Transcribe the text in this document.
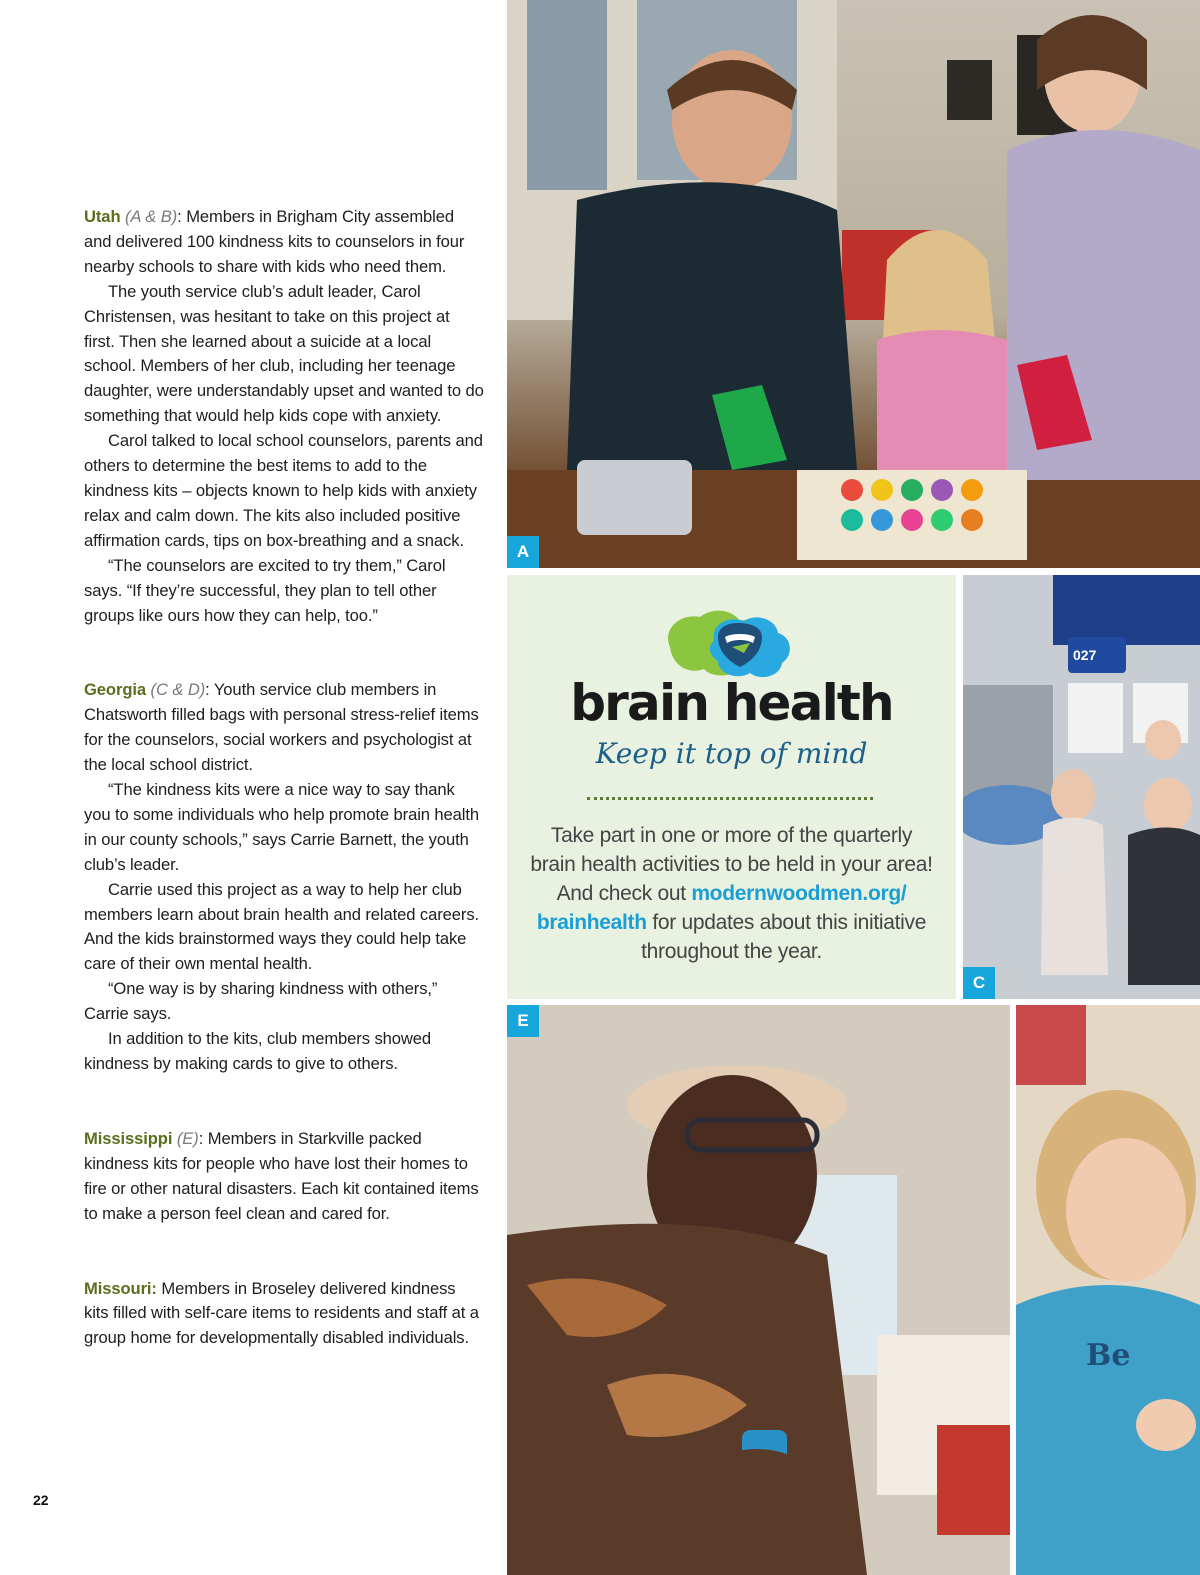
Utah (A & B): Members in Brigham City assembled and delivered 100 kindness kits to counselors in four nearby schools to share with kids who need them.

The youth service club’s adult leader, Carol Christensen, was hesitant to take on this project at first. Then she learned about a suicide at a local school. Members of her club, including her teenage daughter, were understandably upset and wanted to do something that would help kids cope with anxiety.

Carol talked to local school counselors, parents and others to determine the best items to add to the kindness kits – objects known to help kids with anxiety relax and calm down. The kits also included positive affirmation cards, tips on box-breathing and a snack.

“The counselors are excited to try them,” Carol says. “If they’re successful, they plan to tell other groups like ours how they can help, too.”

Georgia (C & D): Youth service club members in Chatsworth filled bags with personal stress-relief items for the counselors, social workers and psychologist at the local school district.

“The kindness kits were a nice way to say thank you to some individuals who help promote brain health in our county schools,” says Carrie Barnett, the youth club’s leader.

Carrie used this project as a way to help her club members learn about brain health and related careers. And the kids brainstormed ways they could help take care of their own mental health.

“One way is by sharing kindness with others,” Carrie says.

In addition to the kits, club members showed kindness by making cards to give to others.

Mississippi (E): Members in Starkville packed kindness kits for people who have lost their homes to fire or other natural disasters. Each kit contained items to make a person feel clean and cared for.

Missouri: Members in Broseley delivered kindness kits filled with self-care items to residents and staff at a group home for developmentally disabled individuals.

22
A
brain health
Keep it top of mind
Take part in one or more of the quarterly brain health activities to be held in your area! And check out modernwoodmen.org/ brainhealth for updates about this initiative throughout the year.
027
C
E
Be
